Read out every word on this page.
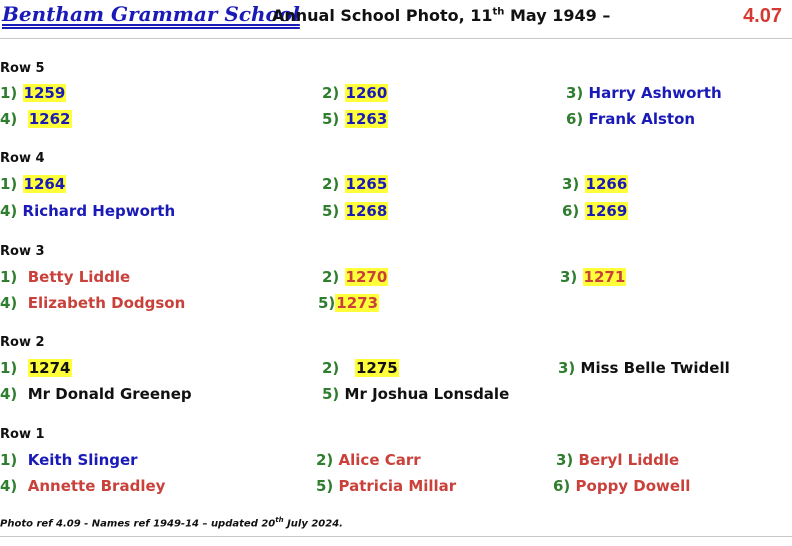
Bentham Grammar School
Annual School Photo, 11th May 1949 –	4.07
Row 5
1) 1259	2) 1260	3) Harry Ashworth
4) 1262	5) 1263	6) Frank Alston
Row 4
1) 1264	2) 1265	3) 1266
4) Richard Hepworth	5) 1268	6) 1269
Row 3
1) Betty Liddle	2) 1270	3) 1271
4) Elizabeth Dodgson	5)1273
Row 2
1) 1274	2) 1275	3) Miss Belle Twidell
4) Mr Donald Greenep	5) Mr Joshua Lonsdale
Row 1
1) Keith Slinger	2) Alice Carr	3) Beryl Liddle
4) Annette Bradley	5) Patricia Millar	6) Poppy Dowell
Photo ref 4.09 - Names ref 1949-14 – updated 20th July 2024.
